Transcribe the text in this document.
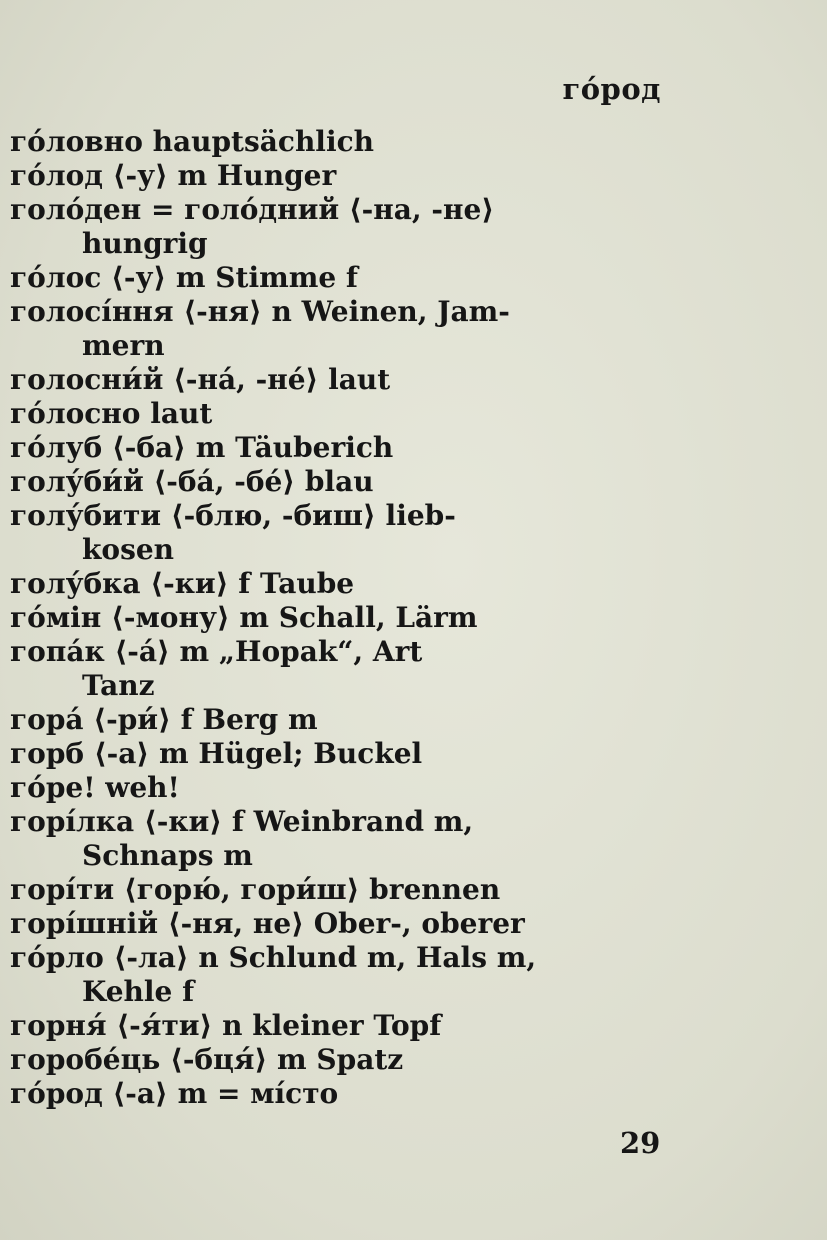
гóрод
гóловно hauptsächlich
гóлод ⟨-у⟩ m Hunger
голóден = голóдний ⟨-на, -не⟩
hungrig
гóлос ⟨-у⟩ m Stimme f
голосíння ⟨-ня⟩ n Weinen, Jam-
mern
голосни́й ⟨-нá, -нé⟩ laut
гóлосно laut
гóлуб ⟨-ба⟩ m Täuberich
голу́би́й ⟨-бá, -бé⟩ blau
голу́бити ⟨-блю, -биш⟩ lieb-
kosen
голу́бка ⟨-ки⟩ f Taube
гóмін ⟨-мону⟩ m Schall, Lärm
гопáк ⟨-á⟩ m „Hopak“, Art
Tanz
горá ⟨-ри́⟩ f Berg m
горб ⟨-а⟩ m Hügel; Buckel
гóре! weh!
горíлка ⟨-ки⟩ f Weinbrand m,
Schnaps m
горíти ⟨горю́, гори́ш⟩ brennen
горíшній ⟨-ня, не⟩ Ober-, oberer
гóрло ⟨-ла⟩ n Schlund m, Hals m,
Kehle f
горня́ ⟨-я́ти⟩ n kleiner Topf
горобéць ⟨-бця́⟩ m Spatz
гóрод ⟨-а⟩ m = мíсто
29
